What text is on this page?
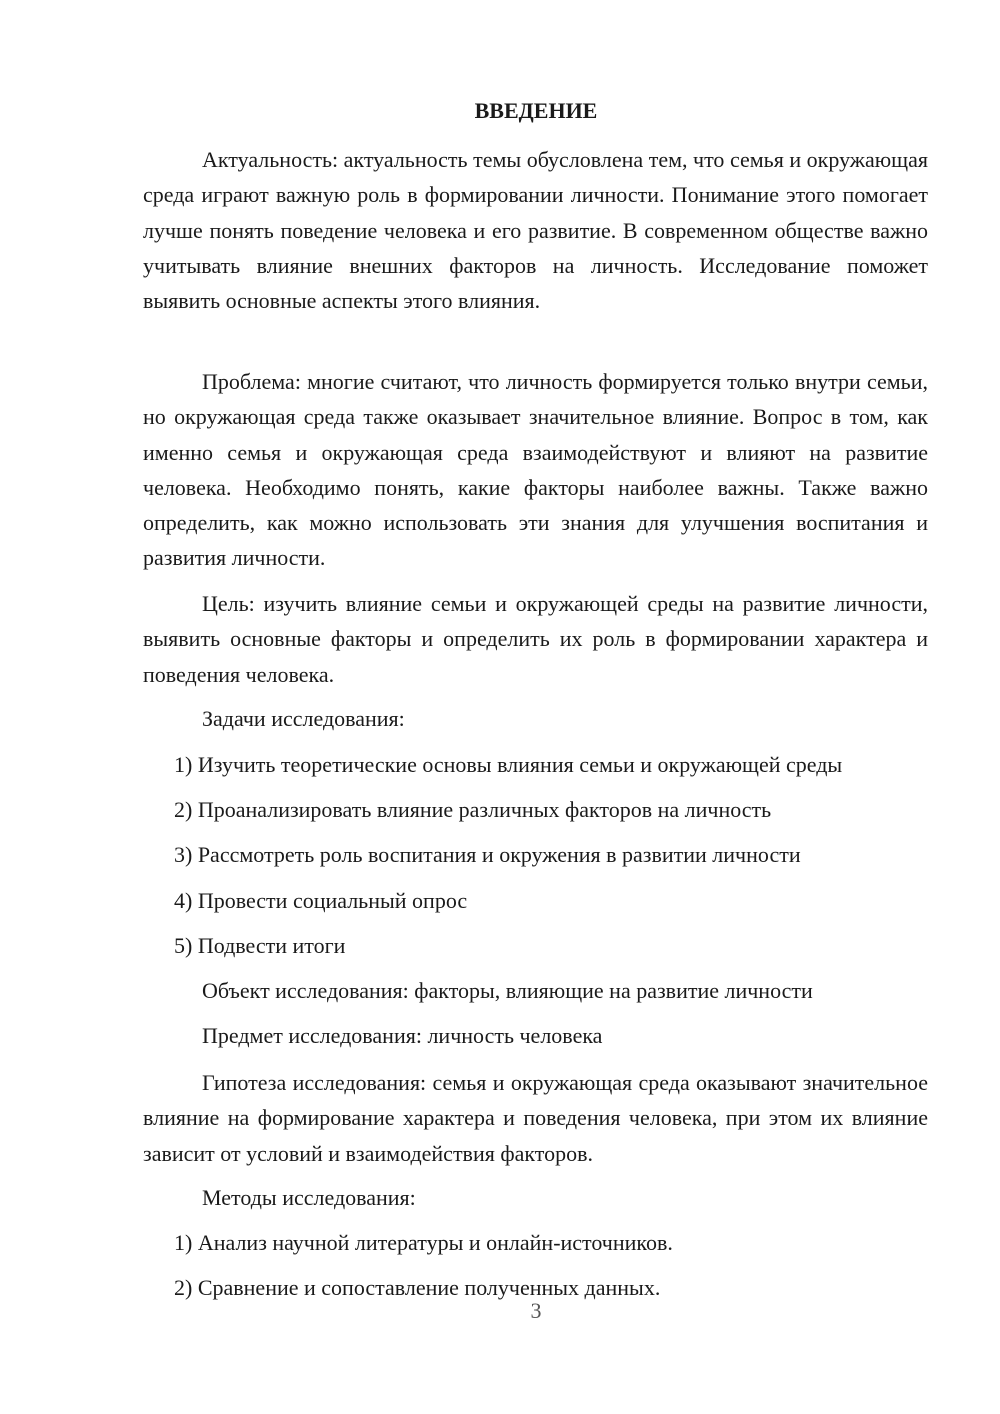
ВВЕДЕНИЕ

Актуальность: актуальность темы обусловлена тем, что семья и окружающая среда играют важную роль в формировании личности. Понимание этого помогает лучше понять поведение человека и его развитие. В современном обществе важно учитывать влияние внешних факторов на личность. Исследование поможет выявить основные аспекты этого влияния.

Проблема: многие считают, что личность формируется только внутри семьи, но окружающая среда также оказывает значительное влияние. Вопрос в том, как именно семья и окружающая среда взаимодействуют и влияют на развитие человека. Необходимо понять, какие факторы наиболее важны. Также важно определить, как можно использовать эти знания для улучшения воспитания и развития личности.

Цель: изучить влияние семьи и окружающей среды на развитие личности, выявить основные факторы и определить их роль в формировании характера и поведения человека.

Задачи исследования:
1) Изучить теоретические основы влияния семьи и окружающей среды
2) Проанализировать влияние различных факторов на личность
3) Рассмотреть роль воспитания и окружения в развитии личности
4) Провести социальный опрос
5) Подвести итоги
Объект исследования: факторы, влияющие на развитие личности
Предмет исследования: личность человека

Гипотеза исследования: семья и окружающая среда оказывают значительное влияние на формирование характера и поведения человека, при этом их влияние зависит от условий и взаимодействия факторов.

Методы исследования:
1) Анализ научной литературы и онлайн-источников.
2) Сравнение и сопоставление полученных данных.
3
